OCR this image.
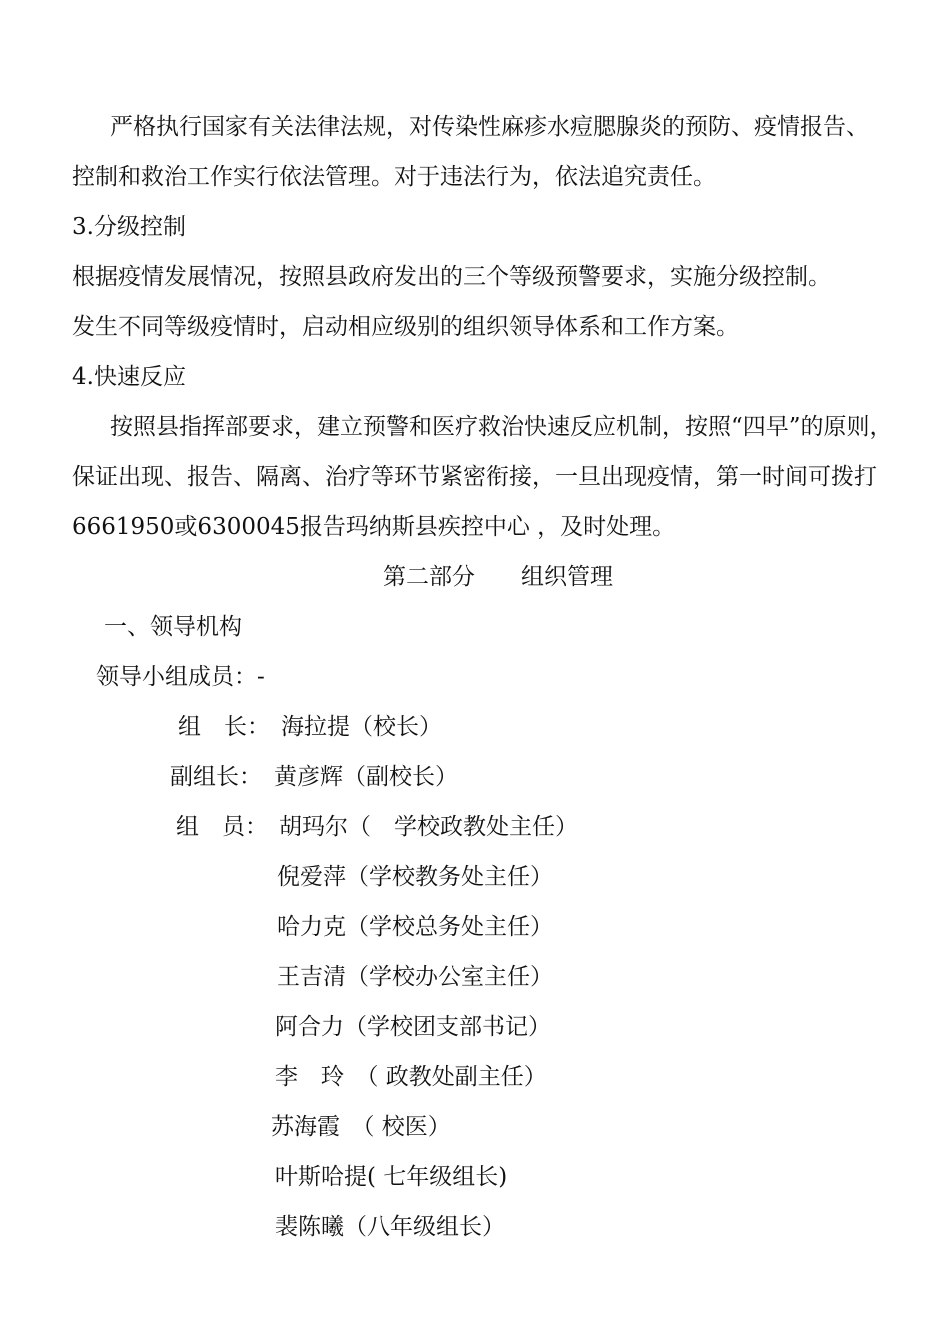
严格执行国家有关法律法规，对传染性麻疹水痘腮腺炎的预防、疫情报告、
控制和救治工作实行依法管理。对于违法行为，依法追究责任。
3.分级控制
根据疫情发展情况，按照县政府发出的三个等级预警要求，实施分级控制。
发生不同等级疫情时，启动相应级别的组织领导体系和工作方案。
4.快速反应
按照县指挥部要求，建立预警和医疗救治快速反应机制，按照“四早”的原则，
保证出现、报告、隔离、治疗等环节紧密衔接，一旦出现疫情，第一时间可拨打
6661950或6300045报告玛纳斯县疾控中心 ，及时处理。
第二部分　　组织管理
一、领导机构
领导小组成员：-
组　长： 海拉提（校长）
副组长： 黄彦辉（副校长）
组　员： 胡玛尔（　学校政教处主任）
倪爱萍（学校教务处主任）
哈力克（学校总务处主任）
王吉清（学校办公室主任）
阿合力（学校团支部书记）
李　玲　（ 政教处副主任）
苏海霞　（ 校医）
叶斯哈提( 七年级组长)
裴陈曦（八年级组长）
